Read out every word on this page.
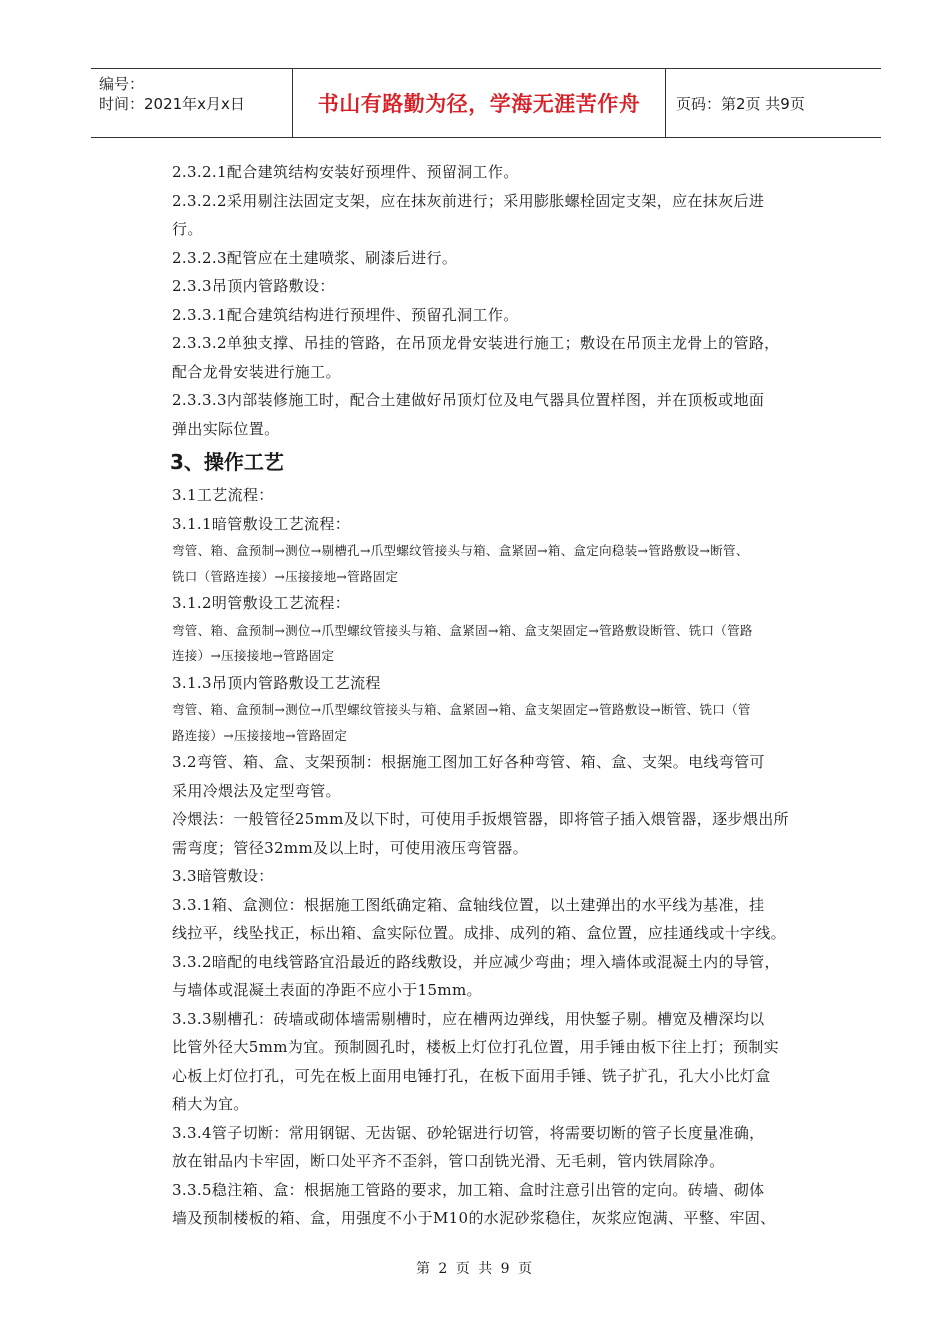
编号：
时间：2021年x月x日	书山有路勤为径，学海无涯苦作舟	页码：第2页 共9页
2.3.2.1配合建筑结构安装好预埋件、预留洞工作。
2.3.2.2采用剔注法固定支架，应在抹灰前进行；采用膨胀螺栓固定支架，应在抹灰后进
行。
2.3.2.3配管应在土建喷浆、刷漆后进行。
2.3.3吊顶内管路敷设：
2.3.3.1配合建筑结构进行预埋件、预留孔洞工作。
2.3.3.2单独支撑、吊挂的管路，在吊顶龙骨安装进行施工；敷设在吊顶主龙骨上的管路，
配合龙骨安装进行施工。
2.3.3.3内部装修施工时，配合土建做好吊顶灯位及电气器具位置样图，并在顶板或地面
弹出实际位置。
3、操作工艺
3.1工艺流程：
3.1.1暗管敷设工艺流程：
弯管、箱、盒预制→测位→剔槽孔→爪型螺纹管接头与箱、盒紧固→箱、盒定向稳装→管路敷设→断管、
铣口（管路连接）→压接接地→管路固定
3.1.2明管敷设工艺流程：
弯管、箱、盒预制→测位→爪型螺纹管接头与箱、盒紧固→箱、盒支架固定→管路敷设断管、铣口（管路
连接）→压接接地→管路固定
3.1.3吊顶内管路敷设工艺流程
弯管、箱、盒预制→测位→爪型螺纹管接头与箱、盒紧固→箱、盒支架固定→管路敷设→断管、铣口（管
路连接）→压接接地→管路固定
3.2弯管、箱、盒、支架预制：根据施工图加工好各种弯管、箱、盒、支架。电线弯管可
采用冷煨法及定型弯管。
冷煨法：一般管径25mm及以下时，可使用手扳煨管器，即将管子插入煨管器，逐步煨出所
需弯度；管径32mm及以上时，可使用液压弯管器。
3.3暗管敷设：
3.3.1箱、盒测位：根据施工图纸确定箱、盒轴线位置，以土建弹出的水平线为基准，挂
线拉平，线坠找正，标出箱、盒实际位置。成排、成列的箱、盒位置，应挂通线或十字线。
3.3.2暗配的电线管路宜沿最近的路线敷设，并应减少弯曲；埋入墙体或混凝土内的导管，
与墙体或混凝土表面的净距不应小于15mm。
3.3.3剔槽孔：砖墙或砌体墙需剔槽时，应在槽两边弹线，用快錾子剔。槽宽及槽深均以
比管外径大5mm为宜。预制圆孔时，楼板上灯位打孔位置，用手锤由板下往上打；预制实
心板上灯位打孔，可先在板上面用电锤打孔，在板下面用手锤、铣子扩孔，孔大小比灯盒
稍大为宜。
3.3.4管子切断：常用钢锯、无齿锯、砂轮锯进行切管，将需要切断的管子长度量准确，
放在钳品内卡牢固，断口处平齐不歪斜，管口刮铣光滑、无毛刺，管内铁屑除净。
3.3.5稳注箱、盒：根据施工管路的要求，加工箱、盒时注意引出管的定向。砖墙、砌体
墙及预制楼板的箱、盒，用强度不小于M10的水泥砂浆稳住，灰浆应饱满、平整、牢固、
第 2 页 共 9 页
